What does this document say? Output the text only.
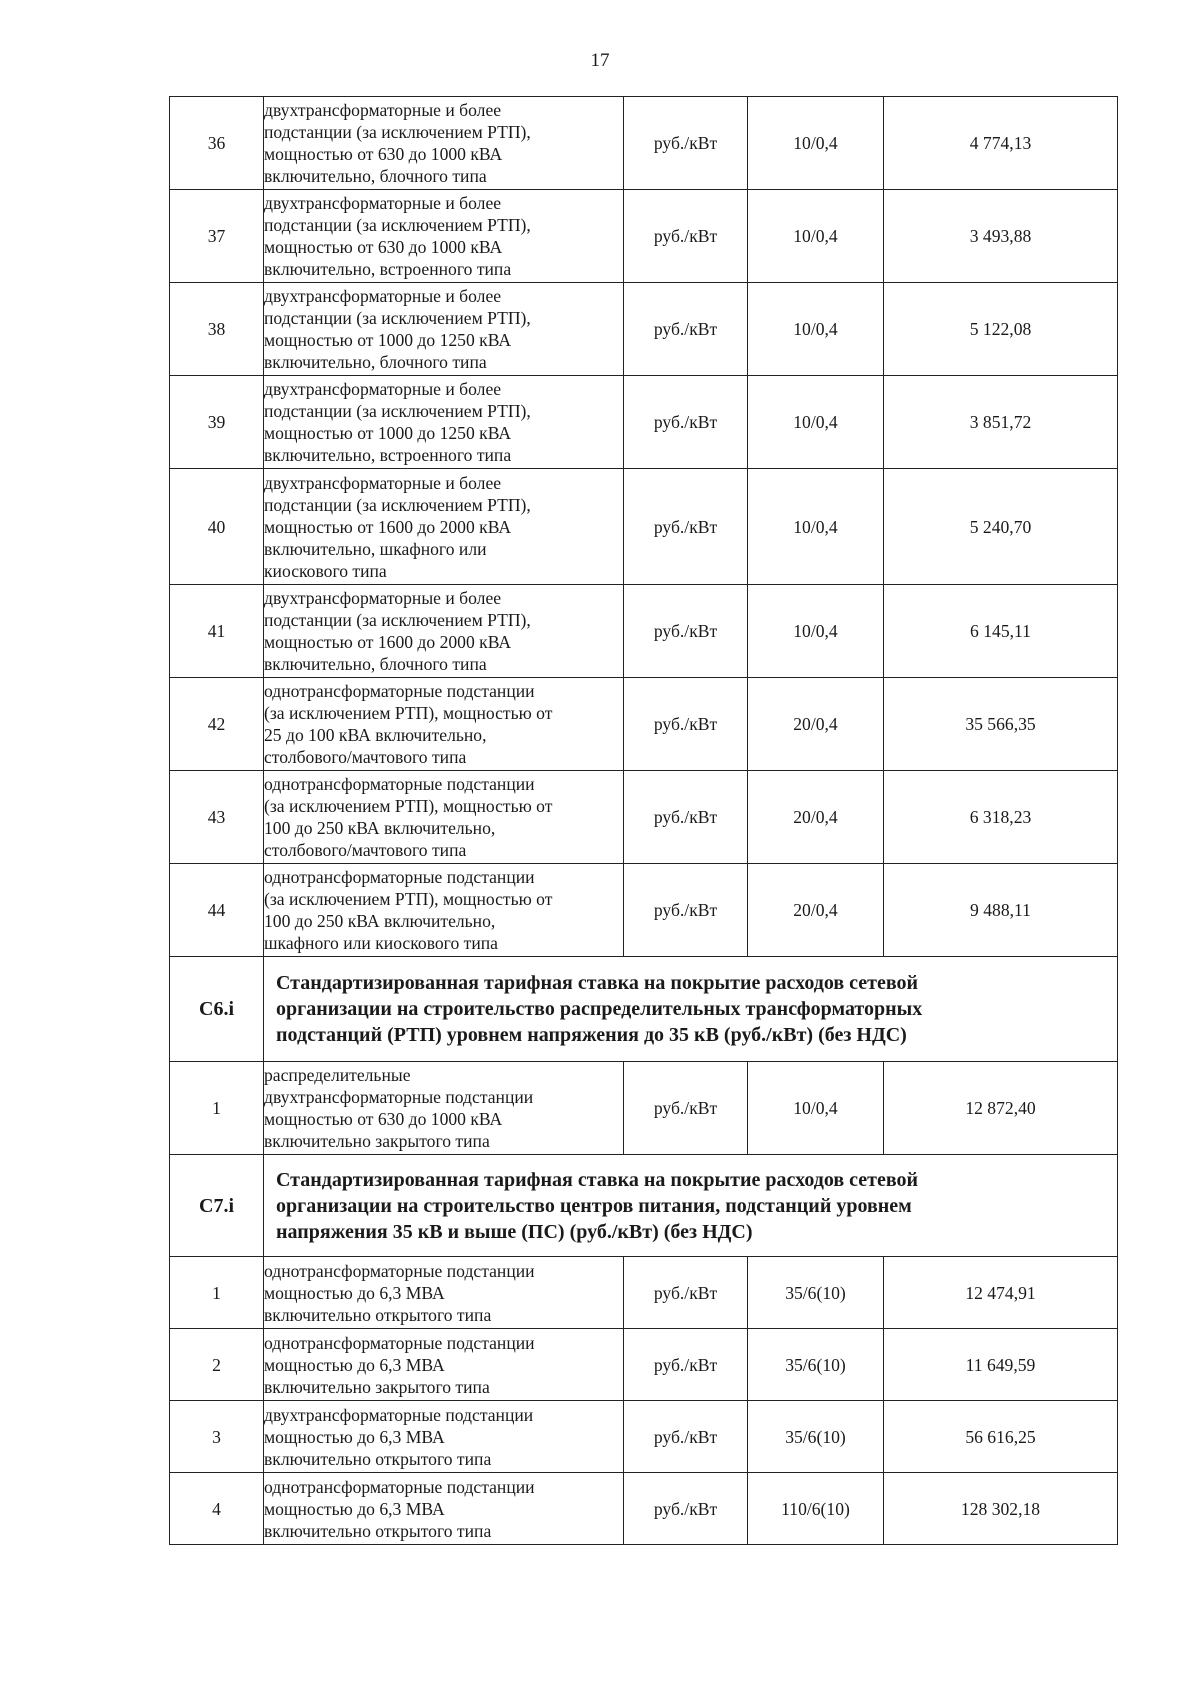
17
36	двухтрансформаторные и более
подстанции (за исключением РТП),
мощностью от 630 до 1000 кВА
включительно, блочного типа	руб./кВт	10/0,4	4 774,13
37	двухтрансформаторные и более
подстанции (за исключением РТП),
мощностью от 630 до 1000 кВА
включительно, встроенного типа	руб./кВт	10/0,4	3 493,88
38	двухтрансформаторные и более
подстанции (за исключением РТП),
мощностью от 1000 до 1250 кВА
включительно, блочного типа	руб./кВт	10/0,4	5 122,08
39	двухтрансформаторные и более
подстанции (за исключением РТП),
мощностью от 1000 до 1250 кВА
включительно, встроенного типа	руб./кВт	10/0,4	3 851,72
40	двухтрансформаторные и более
подстанции (за исключением РТП),
мощностью от 1600 до 2000 кВА
включительно, шкафного или
киоскового типа	руб./кВт	10/0,4	5 240,70
41	двухтрансформаторные и более
подстанции (за исключением РТП),
мощностью от 1600 до 2000 кВА
включительно, блочного типа	руб./кВт	10/0,4	6 145,11
42	однотрансформаторные подстанции
(за исключением РТП), мощностью от
25 до 100 кВА включительно,
столбового/мачтового типа	руб./кВт	20/0,4	35 566,35
43	однотрансформаторные подстанции
(за исключением РТП), мощностью от
100 до 250 кВА включительно,
столбового/мачтового типа	руб./кВт	20/0,4	6 318,23
44	однотрансформаторные подстанции
(за исключением РТП), мощностью от
100 до 250 кВА включительно,
шкафного или киоскового типа	руб./кВт	20/0,4	9 488,11
С6.i	Стандартизированная тарифная ставка на покрытие расходов сетевой
организации на строительство распределительных трансформаторных
подстанций (РТП) уровнем напряжения до 35 кВ (руб./кВт) (без НДС)			

1	распределительные
двухтрансформаторные подстанции
мощностью от 630 до 1000 кВА
включительно закрытого типа	руб./кВт	10/0,4	12 872,40
С7.i	Стандартизированная тарифная ставка на покрытие расходов сетевой
организации на строительство центров питания, подстанций уровнем
напряжения 35 кВ и выше (ПС) (руб./кВт) (без НДС)			

1	однотрансформаторные подстанции
мощностью до 6,3 МВА
включительно открытого типа	руб./кВт	35/6(10)	12 474,91
2	однотрансформаторные подстанции
мощностью до 6,3 МВА
включительно закрытого типа	руб./кВт	35/6(10)	11 649,59
3	двухтрансформаторные подстанции
мощностью до 6,3 МВА
включительно открытого типа	руб./кВт	35/6(10)	56 616,25
4	однотрансформаторные подстанции
мощностью до 6,3 МВА
включительно открытого типа	руб./кВт	110/6(10)	128 302,18
